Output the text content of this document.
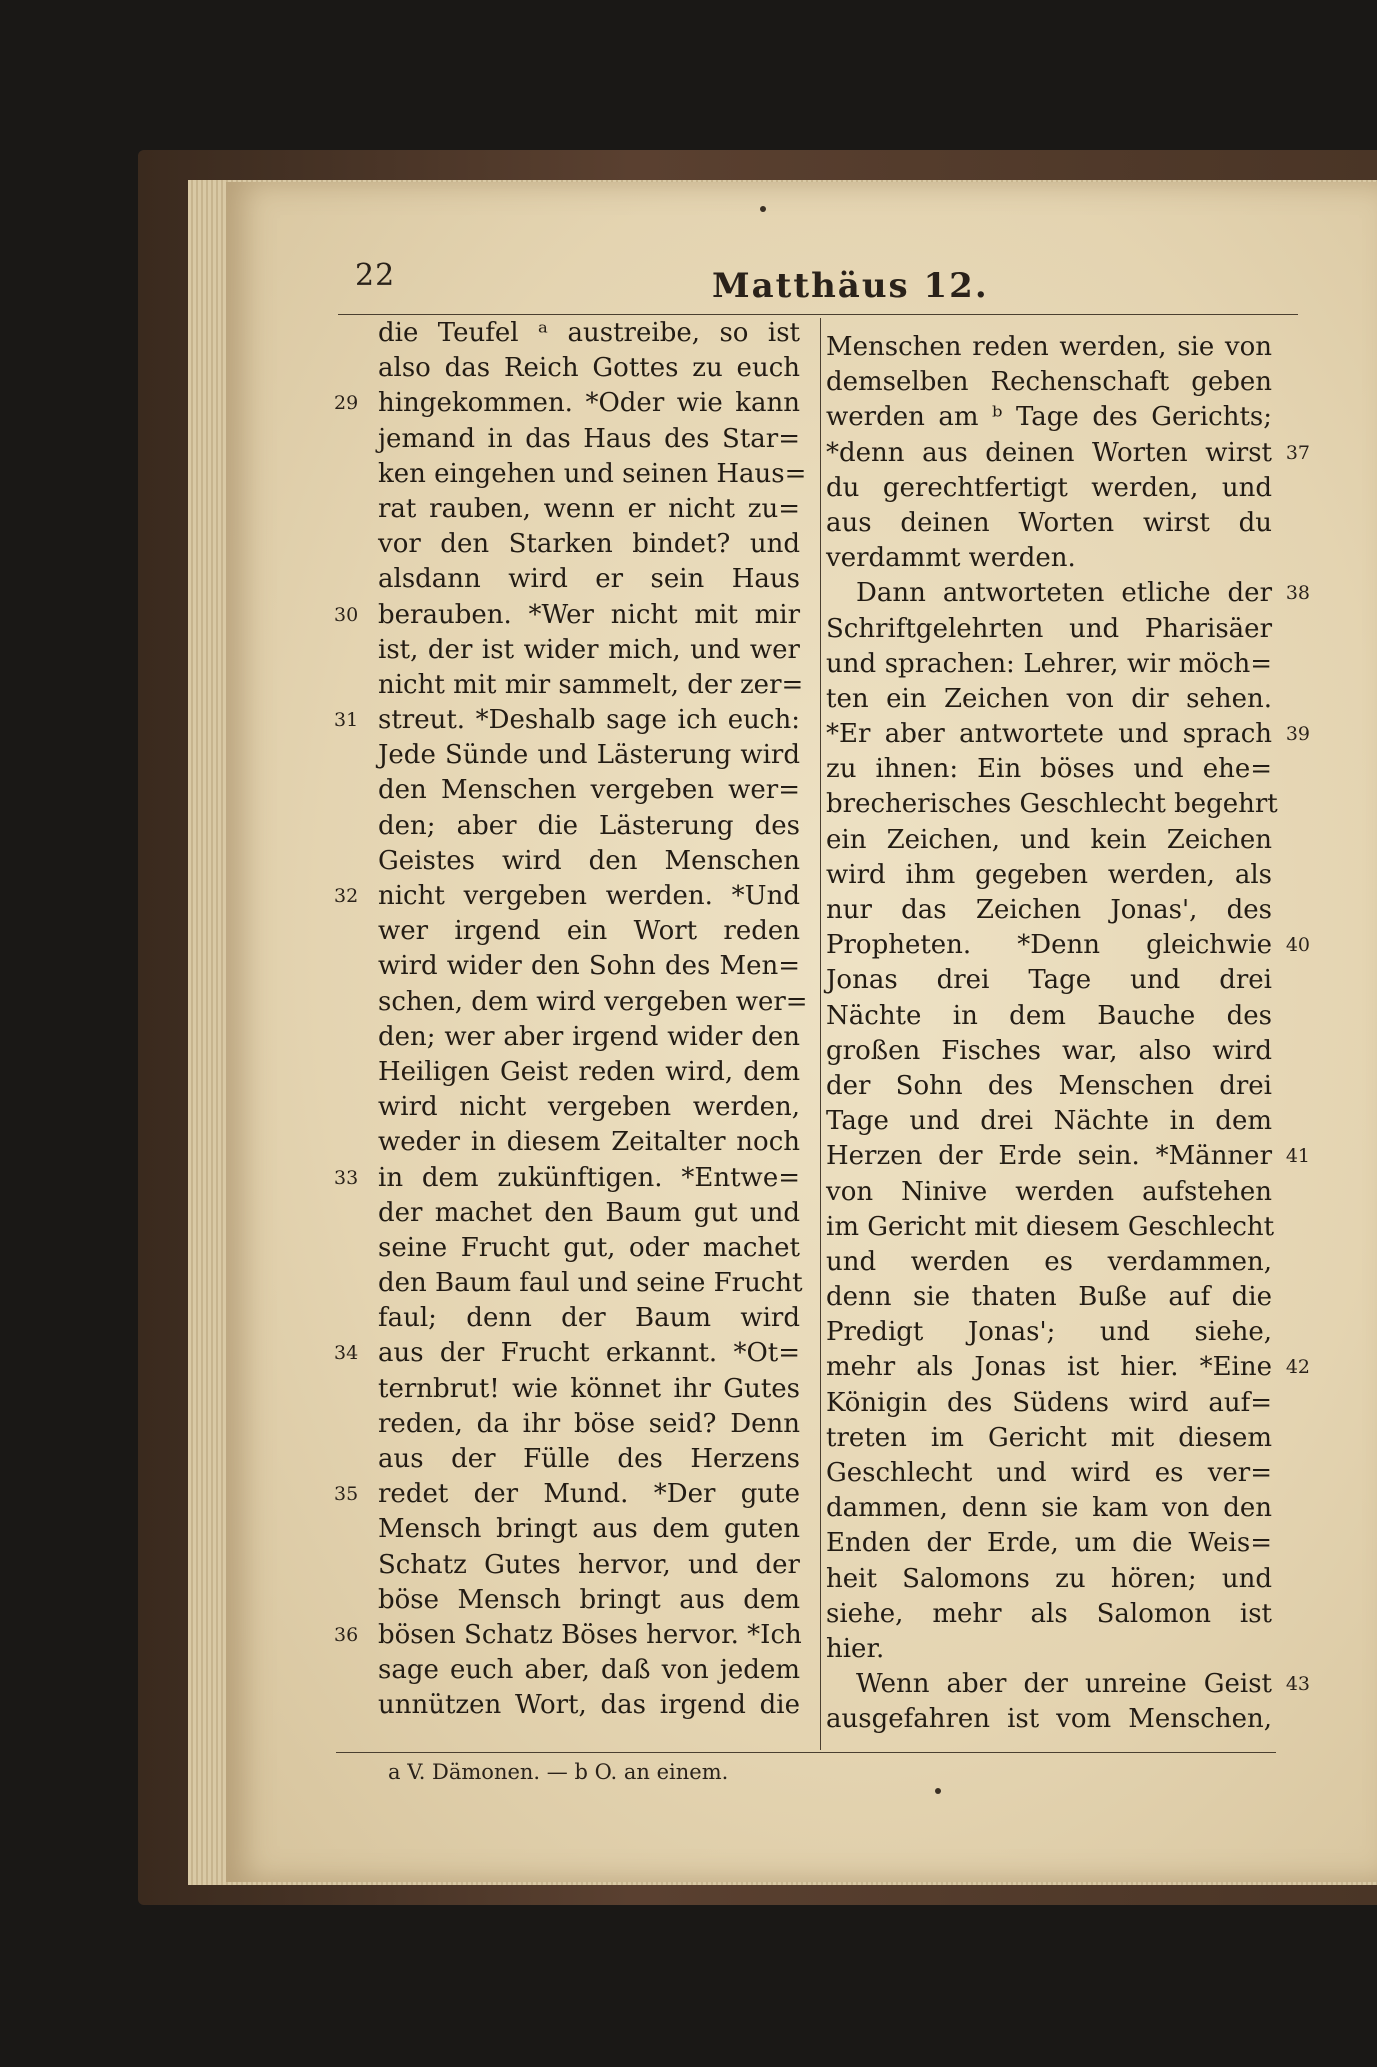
22	Matthäus 12.
die Teufel ᵃ austreibe, so ist
also das Reich Gottes zu euch
hingekommen. *Oder wie kann
29
jemand in das Haus des Star=
ken eingehen und seinen Haus=
rat rauben, wenn er nicht zu=
vor den Starken bindet? und
alsdann wird er sein Haus
berauben. *Wer nicht mit mir
30
ist, der ist wider mich, und wer
nicht mit mir sammelt, der zer=
streut. *Deshalb sage ich euch:
31
Jede Sünde und Lästerung wird
den Menschen vergeben wer=
den; aber die Lästerung des
Geistes wird den Menschen
nicht vergeben werden. *Und
32
wer irgend ein Wort reden
wird wider den Sohn des Men=
schen, dem wird vergeben wer=
den; wer aber irgend wider den
Heiligen Geist reden wird, dem
wird nicht vergeben werden,
weder in diesem Zeitalter noch
in dem zukünftigen. *Entwe=
33
der machet den Baum gut und
seine Frucht gut, oder machet
den Baum faul und seine Frucht
faul; denn der Baum wird
aus der Frucht erkannt. *Ot=
34
ternbrut! wie könnet ihr Gutes
reden, da ihr böse seid? Denn
aus der Fülle des Herzens
redet der Mund. *Der gute
35
Mensch bringt aus dem guten
Schatz Gutes hervor, und der
böse Mensch bringt aus dem
bösen Schatz Böses hervor. *Ich
36
sage euch aber, daß von jedem
unnützen Wort, das irgend die
Menschen reden werden, sie von
demselben Rechenschaft geben
werden am ᵇ Tage des Gerichts;
*denn aus deinen Worten wirst 37
du gerechtfertigt werden, und
aus deinen Worten wirst du
verdammt werden.
Dann antworteten etliche der 38
Schriftgelehrten und Pharisäer
und sprachen: Lehrer, wir möch=
ten ein Zeichen von dir sehen.
*Er aber antwortete und sprach 39
zu ihnen: Ein böses und ehe=
brecherisches Geschlecht begehrt
ein Zeichen, und kein Zeichen
wird ihm gegeben werden, als
nur das Zeichen Jonas', des
Propheten. *Denn gleichwie 40
Jonas drei Tage und drei
Nächte in dem Bauche des
großen Fisches war, also wird
der Sohn des Menschen drei
Tage und drei Nächte in dem
Herzen der Erde sein. *Männer 41
von Ninive werden aufstehen
im Gericht mit diesem Geschlecht
und werden es verdammen,
denn sie thaten Buße auf die
Predigt Jonas'; und siehe,
mehr als Jonas ist hier. *Eine 42
Königin des Südens wird auf=
treten im Gericht mit diesem
Geschlecht und wird es ver=
dammen, denn sie kam von den
Enden der Erde, um die Weis=
heit Salomons zu hören; und
siehe, mehr als Salomon ist
hier.
Wenn aber der unreine Geist 43
ausgefahren ist vom Menschen,
a V. Dämonen. — b O. an einem.
